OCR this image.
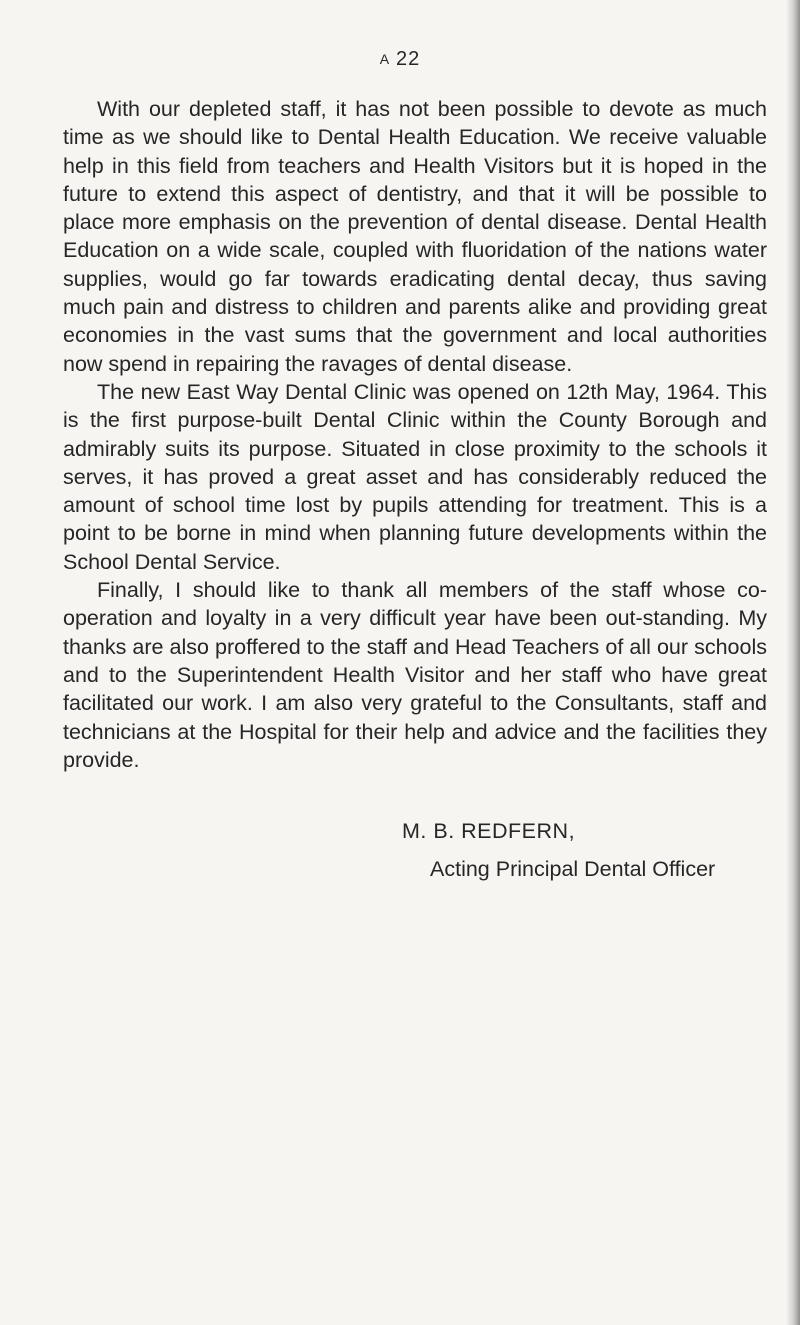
A 22

With our depleted staff, it has not been possible to devote as much time as we should like to Dental Health Education. We receive valuable help in this field from teachers and Health Visitors but it is hoped in the future to extend this aspect of dentistry, and that it will be possible to place more emphasis on the prevention of dental disease. Dental Health Education on a wide scale, coupled with fluoridation of the nations water supplies, would go far towards eradicating dental decay, thus saving much pain and distress to children and parents alike and providing great economies in the vast sums that the government and local authorities now spend in repairing the ravages of dental disease.

The new East Way Dental Clinic was opened on 12th May, 1964. This is the first purpose-built Dental Clinic within the County Borough and admirably suits its purpose. Situated in close proximity to the schools it serves, it has proved a great asset and has considerably reduced the amount of school time lost by pupils attending for treatment. This is a point to be borne in mind when planning future developments within the School Dental Service.

Finally, I should like to thank all members of the staff whose co-operation and loyalty in a very difficult year have been out-standing. My thanks are also proffered to the staff and Head Teachers of all our schools and to the Superintendent Health Visitor and her staff who have great facilitated our work. I am also very grateful to the Consultants, staff and technicians at the Hospital for their help and advice and the facilities they provide.

M. B. REDFERN,
Acting Principal Dental Officer
